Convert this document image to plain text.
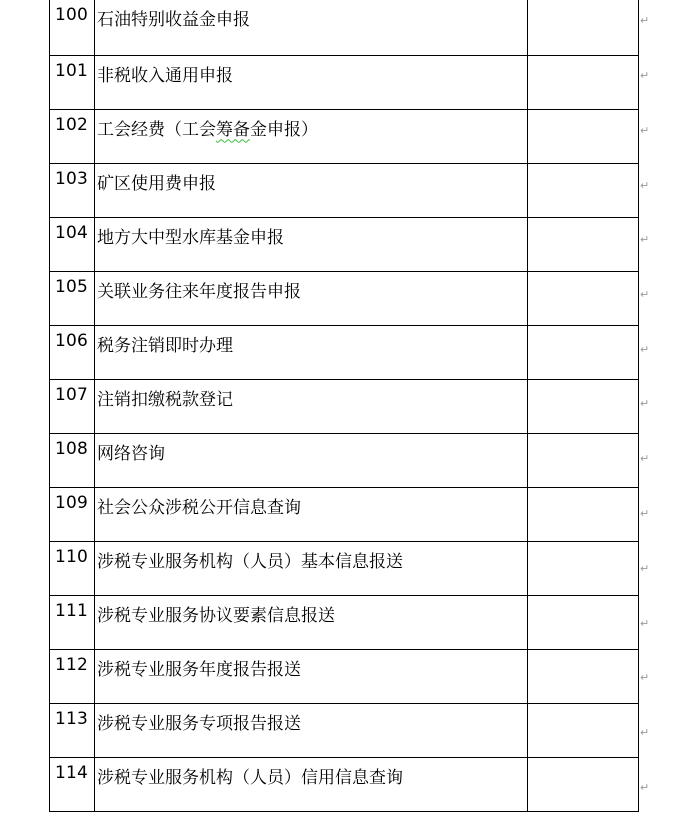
100	石油特别收益金申报	
101	非税收入通用申报	
102	工会经费（工会筹备金申报）	
103	矿区使用费申报	
104	地方大中型水库基金申报	
105	关联业务往来年度报告申报	
106	税务注销即时办理	
107	注销扣缴税款登记	
108	网络咨询	
109	社会公众涉税公开信息查询	
110	涉税专业服务机构（人员）基本信息报送	
111	涉税专业服务协议要素信息报送	
112	涉税专业服务年度报告报送	
113	涉税专业服务专项报告报送	
114	涉税专业服务机构（人员）信用信息查询	
↵
↵
↵
↵
↵
↵
↵
↵
↵
↵
↵
↵
↵
↵
↵
